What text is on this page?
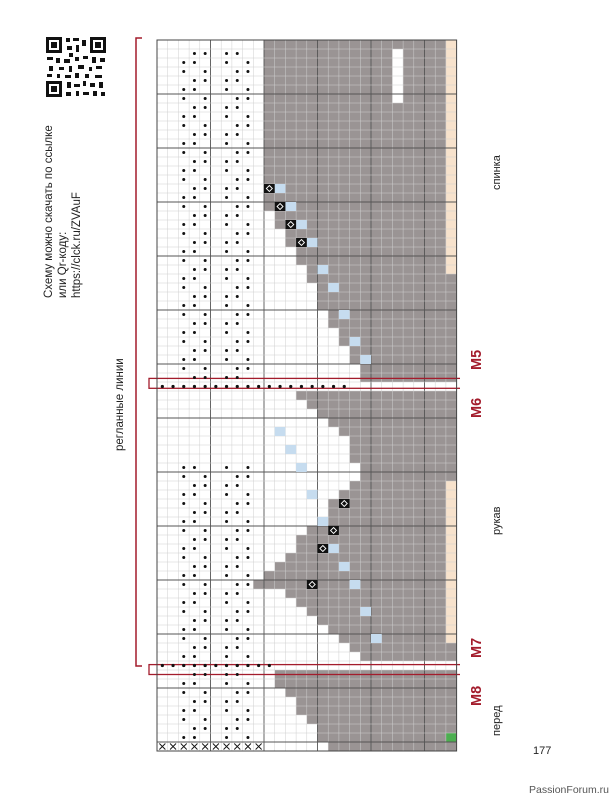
Схему можно скачать по ссылке или Qr-коду: https://clck.ru/ZVAuF
регланные линии
спинка
рукав
перед
М5
М6
М7
М8
177
PassionForum.ru
